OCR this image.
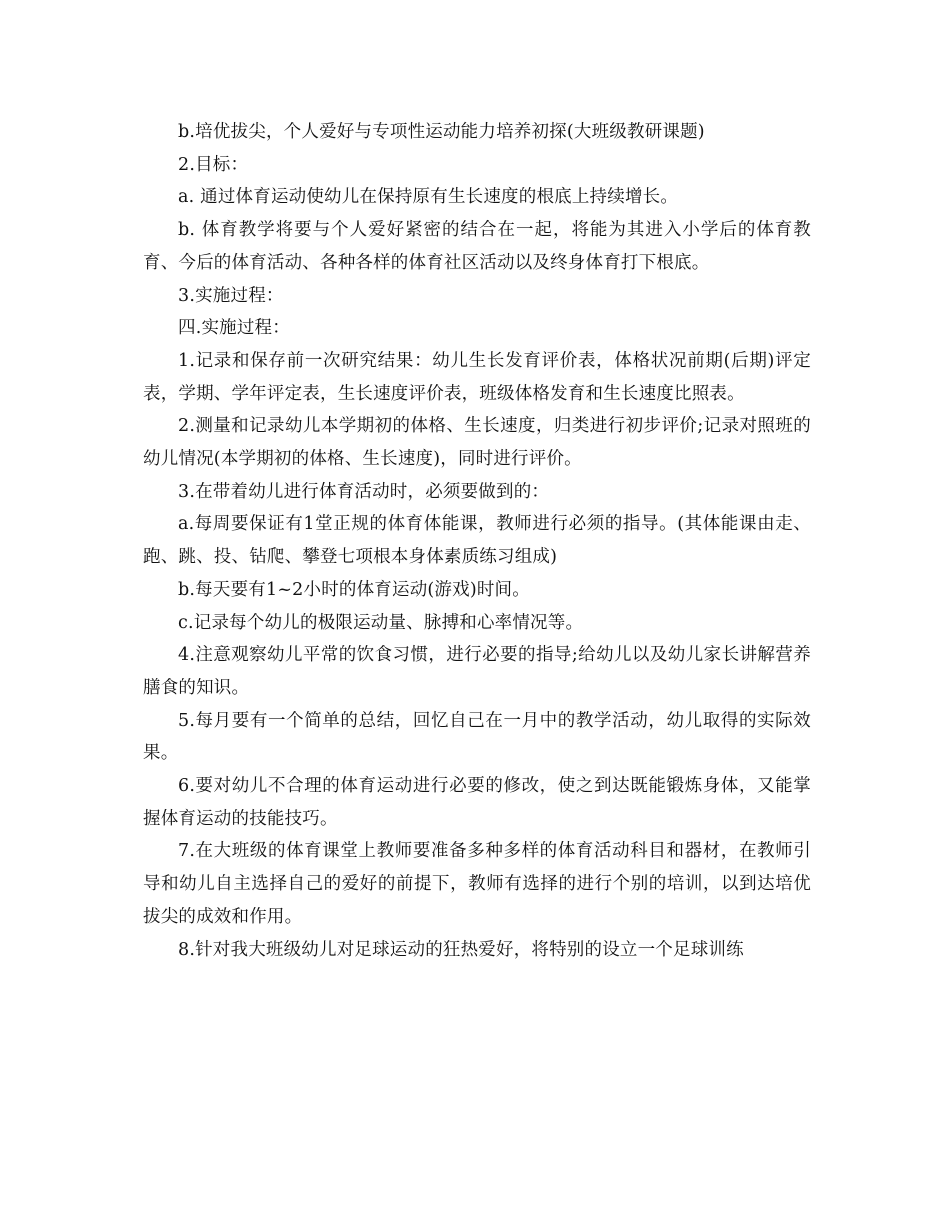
b.培优拔尖，个人爱好与专项性运动能力培养初探(大班级教研课题)

2.目标：

a. 通过体育运动使幼儿在保持原有生长速度的根底上持续增长。

b. 体育教学将要与个人爱好紧密的结合在一起，将能为其进入小学后的体育教育、今后的体育活动、各种各样的体育社区活动以及终身体育打下根底。

3.实施过程：

四.实施过程：

1.记录和保存前一次研究结果：幼儿生长发育评价表，体格状况前期(后期)评定表，学期、学年评定表，生长速度评价表，班级体格发育和生长速度比照表。

2.测量和记录幼儿本学期初的体格、生长速度，归类进行初步评价;记录对照班的幼儿情况(本学期初的体格、生长速度)，同时进行评价。

3.在带着幼儿进行体育活动时，必须要做到的：

a.每周要保证有1堂正规的体育体能课，教师进行必须的指导。(其体能课由走、跑、跳、投、钻爬、攀登七项根本身体素质练习组成)

b.每天要有1~2小时的体育运动(游戏)时间。

c.记录每个幼儿的极限运动量、脉搏和心率情况等。

4.注意观察幼儿平常的饮食习惯，进行必要的指导;给幼儿以及幼儿家长讲解营养膳食的知识。

5.每月要有一个简单的总结，回忆自己在一月中的教学活动，幼儿取得的实际效果。

6.要对幼儿不合理的体育运动进行必要的修改，使之到达既能锻炼身体，又能掌握体育运动的技能技巧。

7.在大班级的体育课堂上教师要准备多种多样的体育活动科目和器材，在教师引导和幼儿自主选择自己的爱好的前提下，教师有选择的进行个别的培训，以到达培优拔尖的成效和作用。

8.针对我大班级幼儿对足球运动的狂热爱好，将特别的设立一个足球训练
